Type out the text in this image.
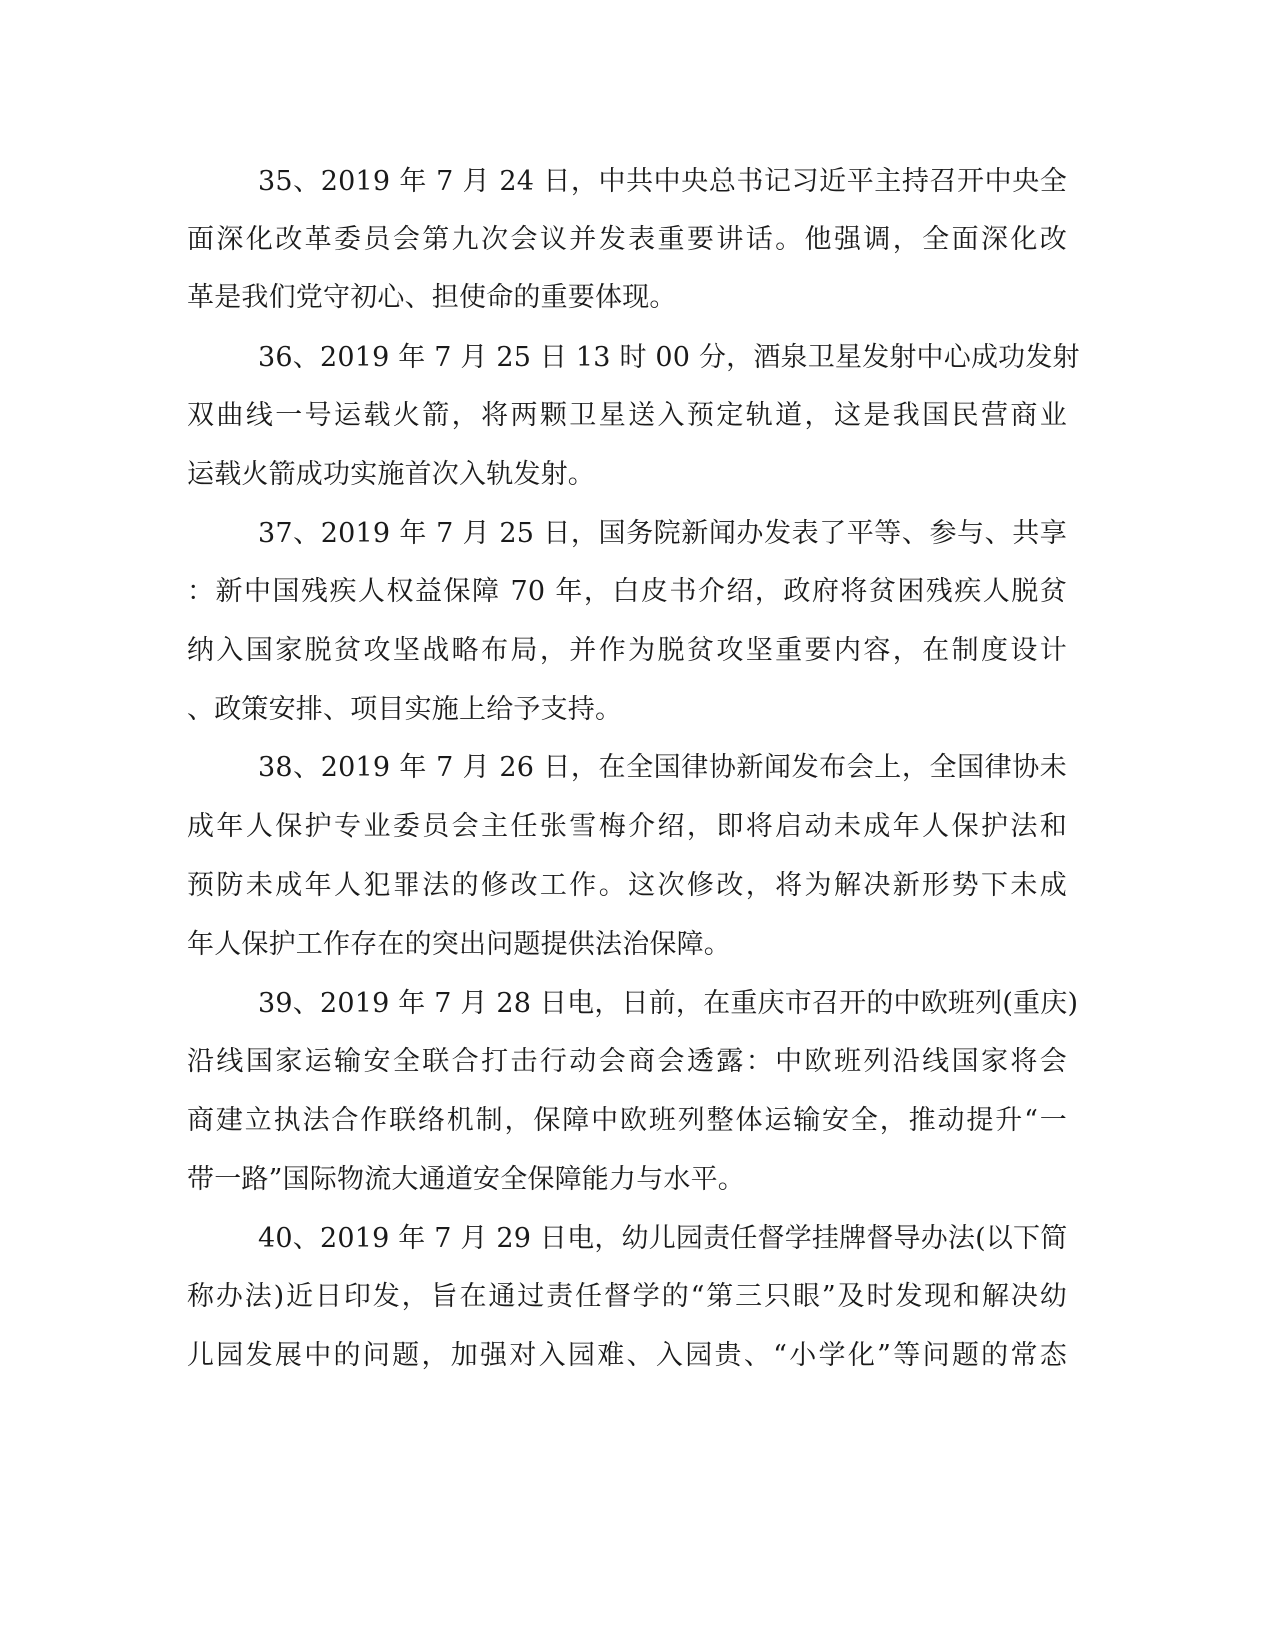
35、2019 年 7 月 24 日，中共中央总书记习近平主持召开中央全
面深化改革委员会第九次会议并发表重要讲话。他强调，全面深化改
革是我们党守初心、担使命的重要体现。
36、2019 年 7 月 25 日 13 时 00 分，酒泉卫星发射中心成功发射
双曲线一号运载火箭，将两颗卫星送入预定轨道，这是我国民营商业
运载火箭成功实施首次入轨发射。
37、2019 年 7 月 25 日，国务院新闻办发表了平等、参与、共享
：新中国残疾人权益保障 70 年，白皮书介绍，政府将贫困残疾人脱贫
纳入国家脱贫攻坚战略布局，并作为脱贫攻坚重要内容，在制度设计
、政策安排、项目实施上给予支持。
38、2019 年 7 月 26 日，在全国律协新闻发布会上，全国律协未
成年人保护专业委员会主任张雪梅介绍，即将启动未成年人保护法和
预防未成年人犯罪法的修改工作。这次修改，将为解决新形势下未成
年人保护工作存在的突出问题提供法治保障。
39、2019 年 7 月 28 日电，日前，在重庆市召开的中欧班列(重庆)
沿线国家运输安全联合打击行动会商会透露：中欧班列沿线国家将会
商建立执法合作联络机制，保障中欧班列整体运输安全，推动提升“一
带一路”国际物流大通道安全保障能力与水平。
40、2019 年 7 月 29 日电，幼儿园责任督学挂牌督导办法(以下简
称办法)近日印发，旨在通过责任督学的“第三只眼”及时发现和解决幼
儿园发展中的问题，加强对入园难、入园贵、“小学化”等问题的常态
